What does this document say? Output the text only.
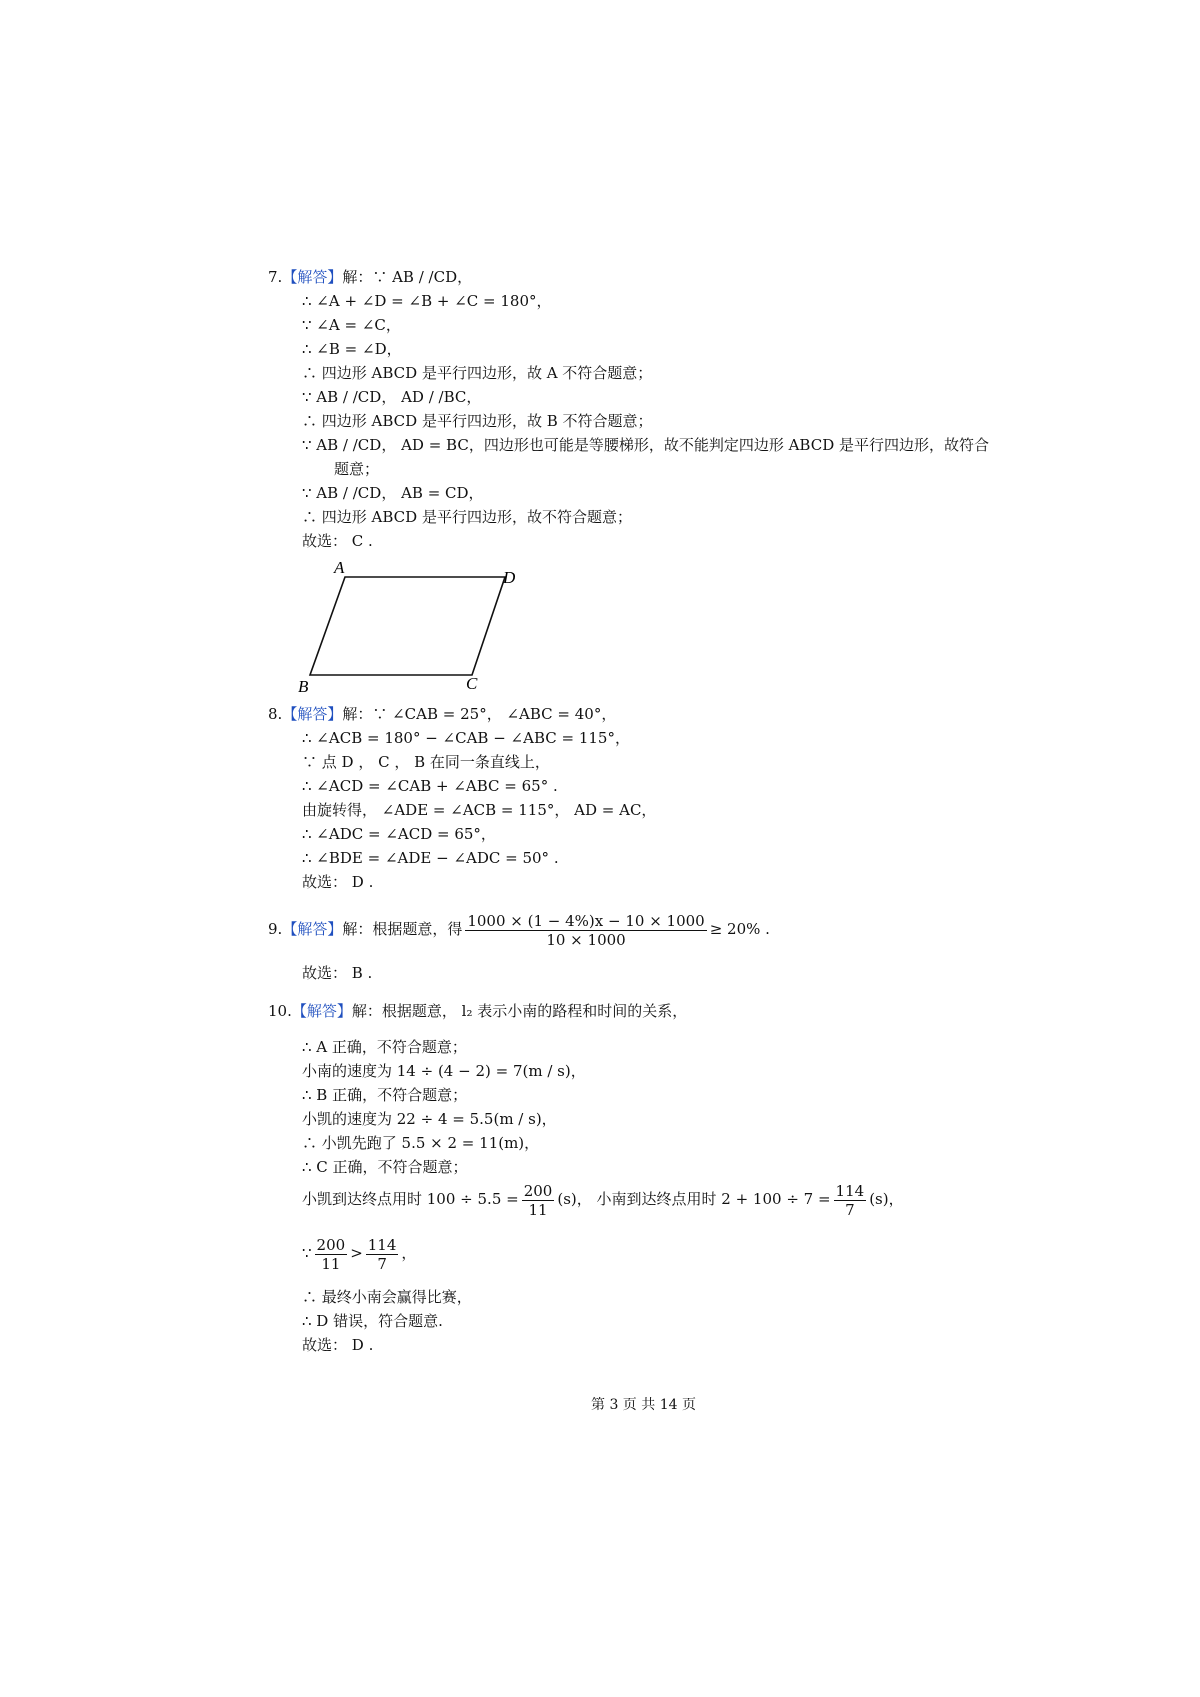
7.【解答】解：∵ AB / /CD，
∴ ∠A + ∠D = ∠B + ∠C = 180°，
∵ ∠A = ∠C，
∴ ∠B = ∠D，
∴ 四边形 ABCD 是平行四边形，故 A 不符合题意；
∵ AB / /CD， AD / /BC，
∴ 四边形 ABCD 是平行四边形，故 B 不符合题意；
∵ AB / /CD， AD = BC，四边形也可能是等腰梯形，故不能判定四边形 ABCD 是平行四边形，故符合
题意；
∵ AB / /CD， AB = CD，
∴ 四边形 ABCD 是平行四边形，故不符合题意；
故选： C .
A
D
B	C
8.【解答】解：∵ ∠CAB = 25°， ∠ABC = 40°，
∴ ∠ACB = 180° − ∠CAB − ∠ABC = 115°，
∵ 点 D ， C ， B 在同一条直线上，
∴ ∠ACD = ∠CAB + ∠ABC = 65° .
由旋转得， ∠ADE = ∠ACB = 115°， AD = AC，
∴ ∠ADC = ∠ACD = 65°，
∴ ∠BDE = ∠ADE − ∠ADC = 50° .
故选： D .
9.【解答】解：根据题意，得 $\frac{1000 \times (1 - 4\%)x - 10 \times 1000}{10 \times 1000} \ge 20\%$ .
故选： B .
10.【解答】解：根据题意， l₂ 表示小南的路程和时间的关系，
∴ A 正确，不符合题意；
小南的速度为 14 ÷ (4 − 2) = 7(m / s)，
∴ B 正确，不符合题意；
小凯的速度为 22 ÷ 4 = 5.5(m / s)，
∴ 小凯先跑了 5.5 × 2 = 11(m)，
∴ C 正确，不符合题意；
小凯到达终点用时 $100 \div 5.5 = \frac{200}{11} (s)$， 小南到达终点用时 $2 + 100 \div 7 = \frac{114}{7} (s)$，
∵ $\frac{200}{11} > \frac{114}{7}$ ，
∴ 最终小南会赢得比赛，
∴ D 错误，符合题意.
故选： D .
第 3 页 共 14 页
